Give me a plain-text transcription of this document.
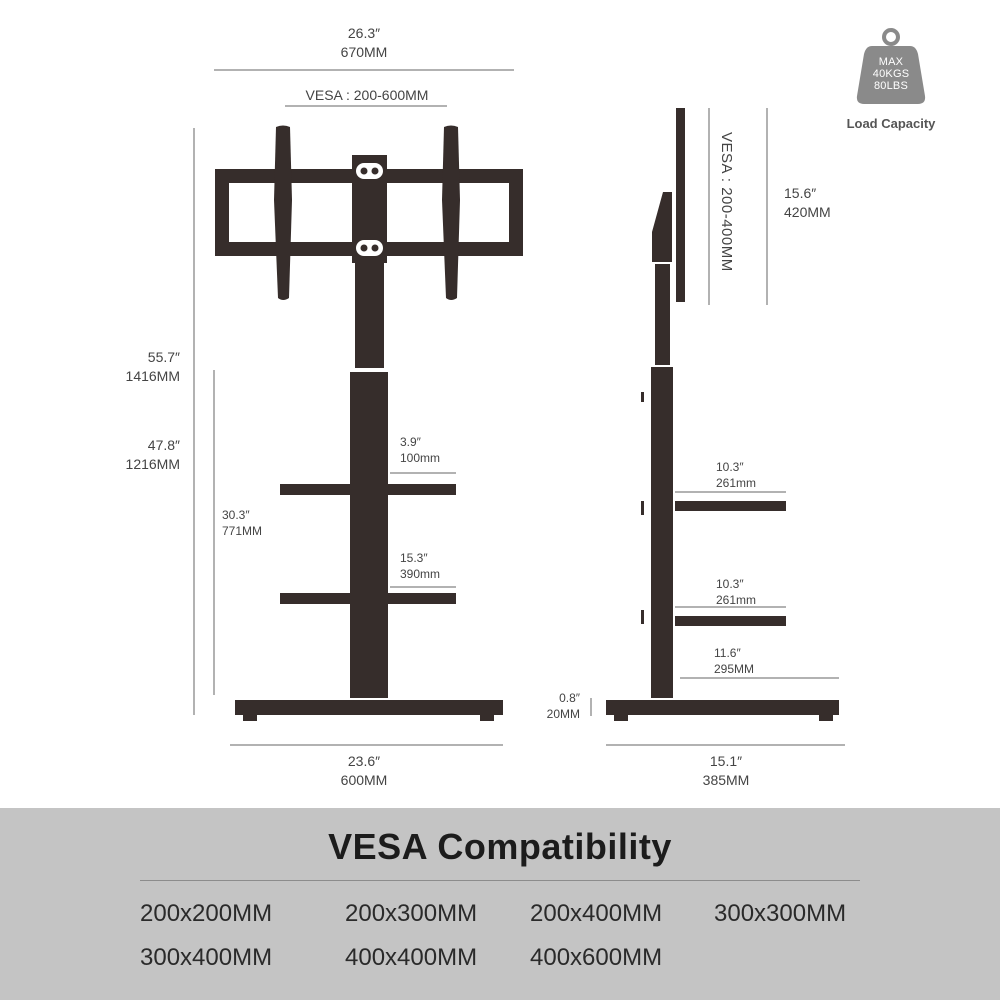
26.3″
670MM
VESA : 200-600MM
55.7″
1416MM
47.8″
1216MM
30.3″
771MM
3.9″
100mm
15.3″
390mm
23.6″
600MM
VESA : 200-400MM	15.6″
420MM
10.3″
261mm
10.3″
261mm
11.6″
295MM
0.8″
20MM
15.1″
385MM
MAX
40KGS
80LBS
Load Capacity
VESA Compatibility
200x200MM	200x300MM 200x400MM 300x300MM
300x400MM	400x400MM 400x600MM
